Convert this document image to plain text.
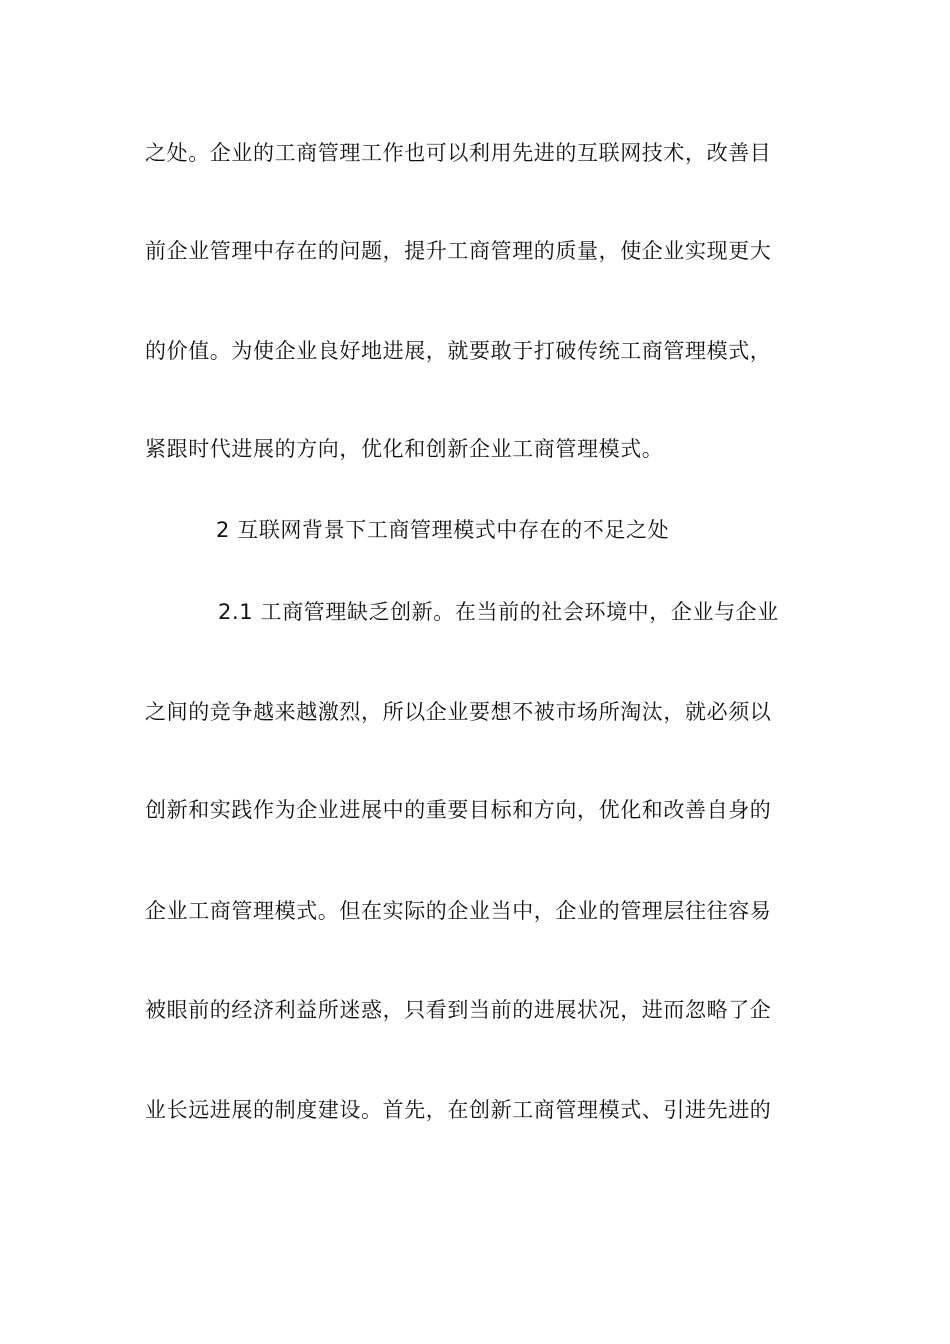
之处。企业的工商管理工作也可以利用先进的互联网技术，改善目
前企业管理中存在的问题，提升工商管理的质量，使企业实现更大
的价值。为使企业良好地进展，就要敢于打破传统工商管理模式，
紧跟时代进展的方向，优化和创新企业工商管理模式。
2 互联网背景下工商管理模式中存在的不足之处
2.1 工商管理缺乏创新。在当前的社会环境中，企业与企业
之间的竞争越来越激烈，所以企业要想不被市场所淘汰，就必须以
创新和实践作为企业进展中的重要目标和方向，优化和改善自身的
企业工商管理模式。但在实际的企业当中，企业的管理层往往容易
被眼前的经济利益所迷惑，只看到当前的进展状况，进而忽略了企
业长远进展的制度建设。首先，在创新工商管理模式、引进先进的
